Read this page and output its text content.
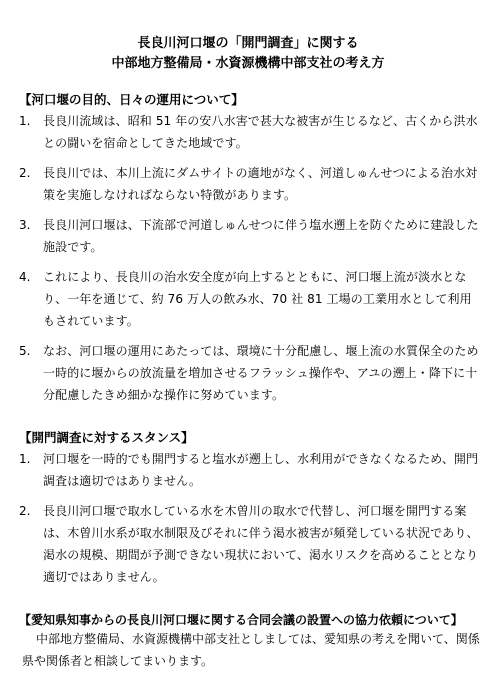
長良川河口堰の「開門調査」に関する
中部地方整備局・水資源機構中部支社の考え方
【河口堰の目的、日々の運用について】
1.	長良川流域は、昭和 51 年の安八水害で甚大な被害が生じるなど、古くから洪水との闘いを宿命としてきた地域です。
2.	長良川では、本川上流にダムサイトの適地がなく、河道しゅんせつによる治水対策を実施しなければならない特徴があります。
3.	長良川河口堰は、下流部で河道しゅんせつに伴う塩水遡上を防ぐために建設した施設です。
4.	これにより、長良川の治水安全度が向上するとともに、河口堰上流が淡水となり、一年を通じて、約 76 万人の飲み水、70 社 81 工場の工業用水として利用もされています。
5.	なお、河口堰の運用にあたっては、環境に十分配慮し、堰上流の水質保全のため一時的に堰からの放流量を増加させるフラッシュ操作や、アユの遡上・降下に十分配慮したきめ細かな操作に努めています。
【開門調査に対するスタンス】
1.	河口堰を一時的でも開門すると塩水が遡上し、水利用ができなくなるため、開門調査は適切ではありません。
2.	長良川河口堰で取水している水を木曽川の取水で代替し、河口堰を開門する案は、木曽川水系が取水制限及びそれに伴う渇水被害が頻発している状況であり、渇水の規模、期間が予測できない現状において、渇水リスクを高めることとなり適切ではありません。
【愛知県知事からの長良川河口堰に関する合同会議の設置への協力依頼について】
中部地方整備局、水資源機構中部支社としましては、愛知県の考えを聞いて、関係県や関係者と相談してまいります。
